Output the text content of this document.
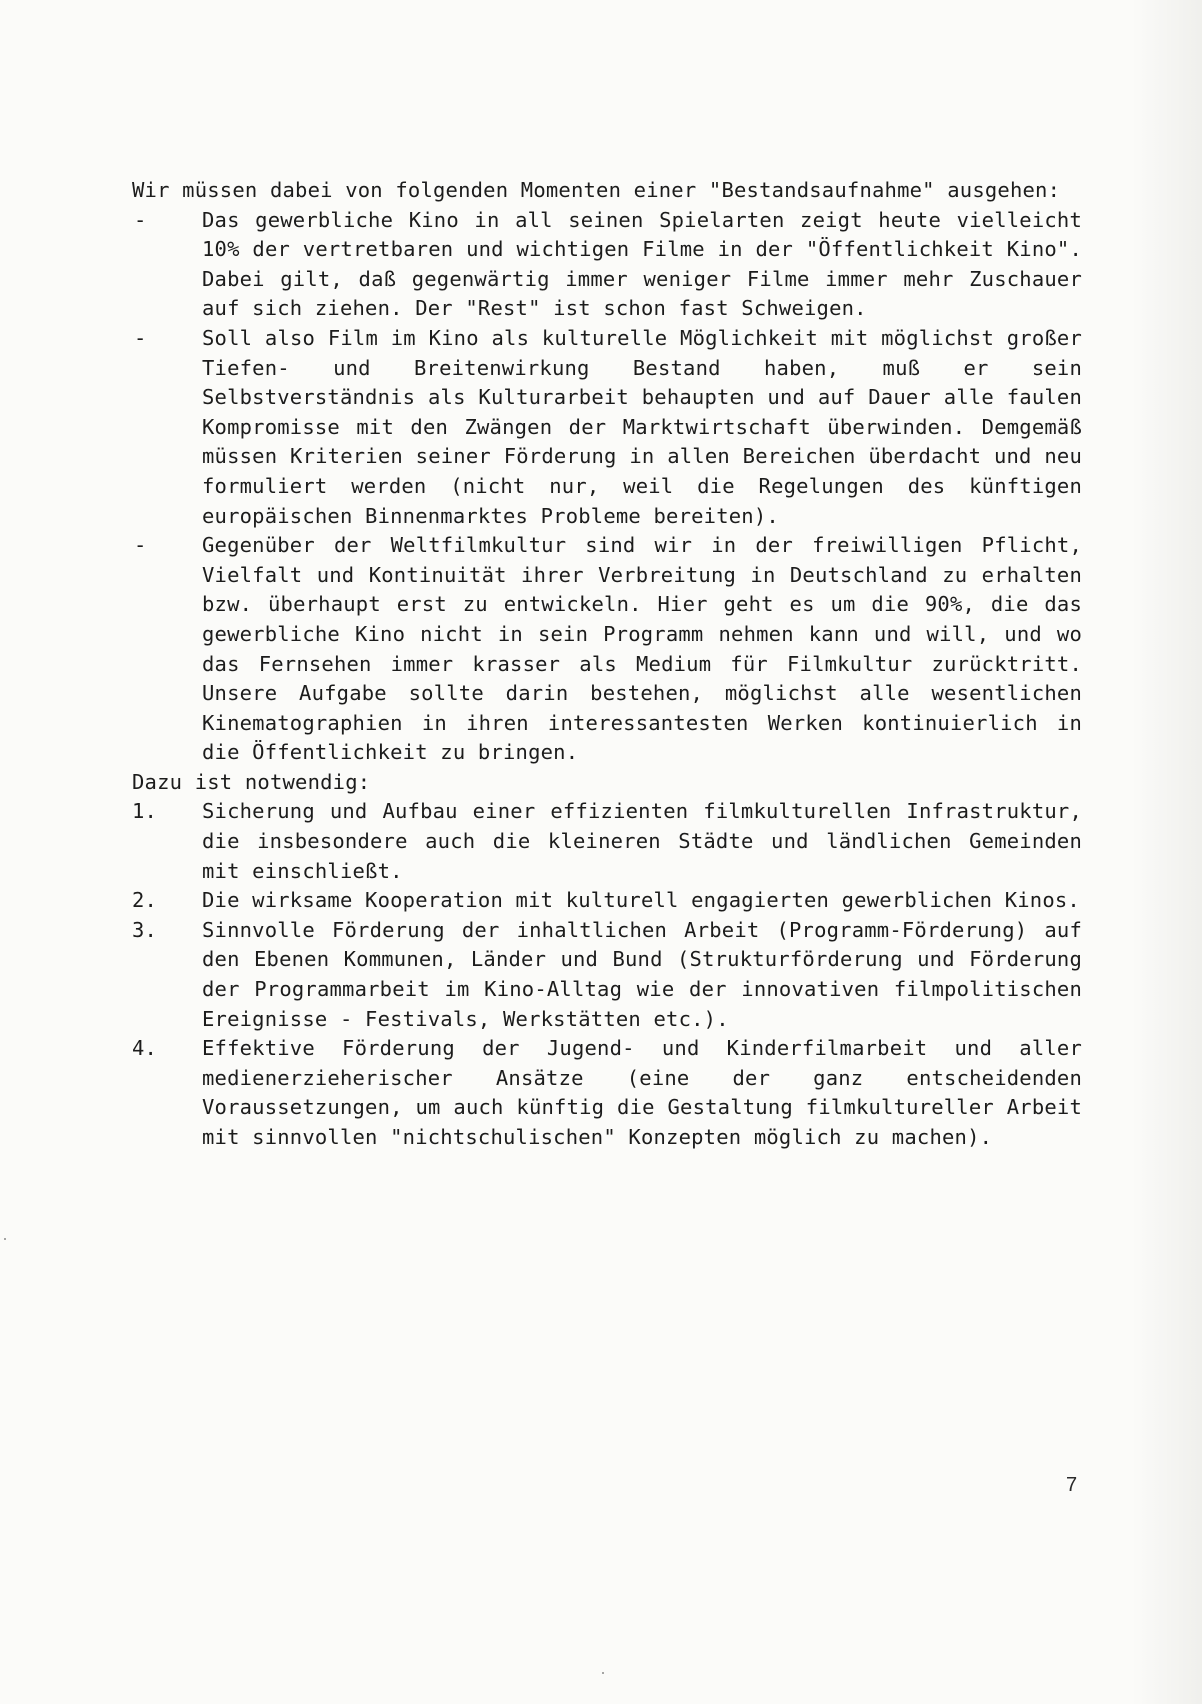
Wir müssen dabei von folgenden Momenten einer "Bestandsaufnahme" ausgehen:

-	Das gewerbliche Kino in all seinen Spielarten zeigt heute vielleicht 10% der vertretbaren und wichtigen Filme in der "Öffentlichkeit Kino". Dabei gilt, daß gegenwärtig immer weniger Filme immer mehr Zuschauer auf sich ziehen. Der "Rest" ist schon fast Schweigen.
-	Soll also Film im Kino als kulturelle Möglichkeit mit möglichst großer Tiefen- und Breitenwirkung Bestand haben, muß er sein Selbstverständnis als Kulturarbeit behaupten und auf Dauer alle faulen Kompromisse mit den Zwängen der Marktwirtschaft überwinden. Demgemäß müssen Kriterien seiner Förderung in allen Bereichen überdacht und neu formuliert werden (nicht nur, weil die Regelungen des künftigen europäischen Binnenmarktes Probleme bereiten).
-	Gegenüber der Weltfilmkultur sind wir in der freiwilligen Pflicht, Vielfalt und Kontinuität ihrer Verbreitung in Deutschland zu erhalten bzw. überhaupt erst zu entwickeln. Hier geht es um die 90%, die das gewerbliche Kino nicht in sein Programm nehmen kann und will, und wo das Fernsehen immer krasser als Medium für Filmkultur zurücktritt. Unsere Aufgabe sollte darin bestehen, möglichst alle wesentlichen Kinematographien in ihren interessantesten Werken kontinuierlich in die Öffentlichkeit zu bringen.

Dazu ist notwendig:

1. Sicherung und Aufbau einer effizienten filmkulturellen Infrastruktur, die insbesondere auch die kleineren Städte und ländlichen Gemeinden mit einschließt.
2. Die wirksame Kooperation mit kulturell engagierten gewerblichen Kinos.
3. Sinnvolle Förderung der inhaltlichen Arbeit (Programm-Förderung) auf den Ebenen Kommunen, Länder und Bund (Strukturförderung und Förderung der Programmarbeit im Kino-Alltag wie der innovativen filmpolitischen Ereignisse - Festivals, Werkstätten etc.).
4. Effektive Förderung der Jugend- und Kinderfilmarbeit und aller medienerzieherischer Ansätze (eine der ganz entscheidenden Voraussetzungen, um auch künftig die Gestaltung filmkultureller Arbeit mit sinnvollen "nichtschulischen" Konzepten möglich zu machen).
7
